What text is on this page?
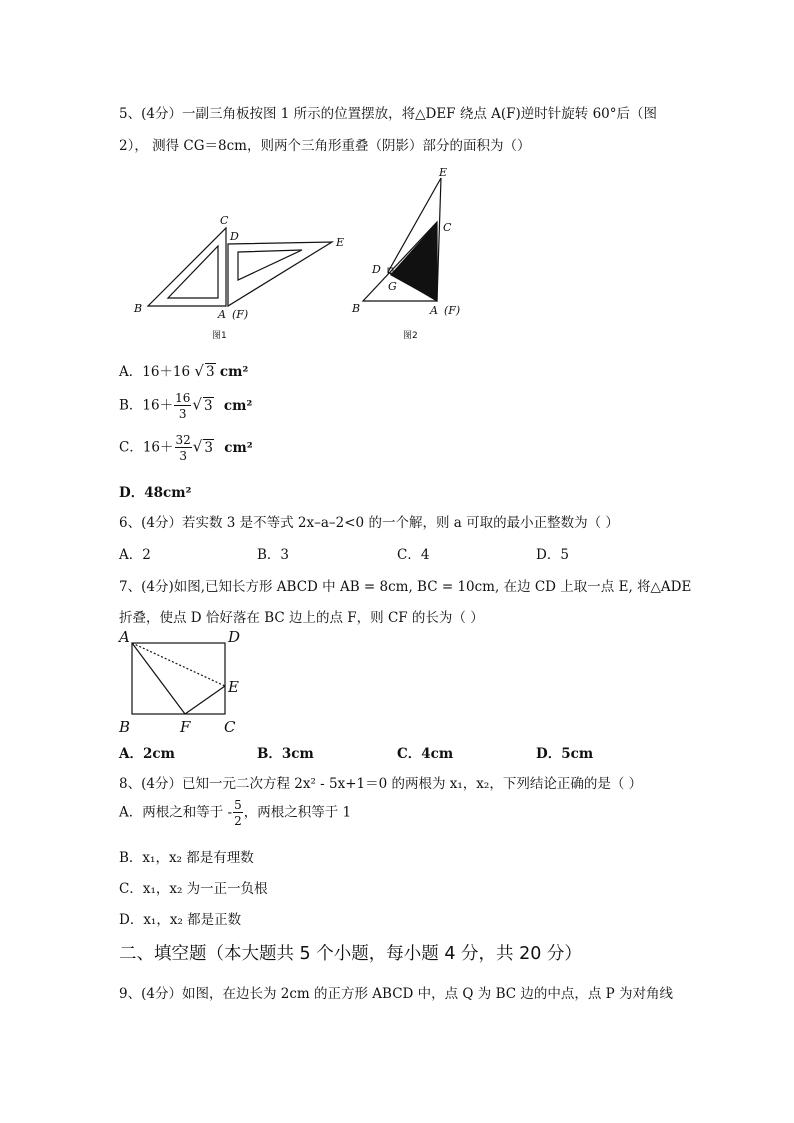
5、(4分）一副三角板按图 1 所示的位置摆放，将△DEF 绕点 A(F)逆时针旋转 60°后（图
2）， 测得 CG＝8cm，则两个三角形重叠（阴影）部分的面积为（）
C
D	E
B	A (F)
图1
E
C
D
G
B	A (F)
图2
A．16＋16 √ 3 cm²
B．$16+ \frac{16}{3}$ √ 3 cm²
C．$16+ \frac{32}{3}$ √ 3 cm²
D．48cm²
6、(4分）若实数 3 是不等式 2x–a–2<0 的一个解，则 a 可取的最小正整数为（ ）
A．2	B．3	C．4	D．5
7、(4分)如图,已知长方形 ABCD 中 AB = 8cm, BC = 10cm, 在边 CD 上取一点 E, 将△ADE
折叠，使点 D 恰好落在 BC 边上的点 F，则 CF 的长为（ ）
A	D
E
B	F C
A．2cm	B．3cm	C．4cm	D．5cm
8、(4分）已知一元二次方程 2x² - 5x+1＝0 的两根为 x₁，x₂，下列结论正确的是（ ）
A．两根之和等于 - $\frac{5}{2}$ ，两根之积等于 1
B．x₁，x₂ 都是有理数
C．x₁，x₂ 为一正一负根
D．x₁，x₂ 都是正数
二、填空题（本大题共 5 个小题，每小题 4 分，共 20 分）
9、(4分）如图，在边长为 2cm 的正方形 ABCD 中，点 Q 为 BC 边的中点，点 P 为对角线
